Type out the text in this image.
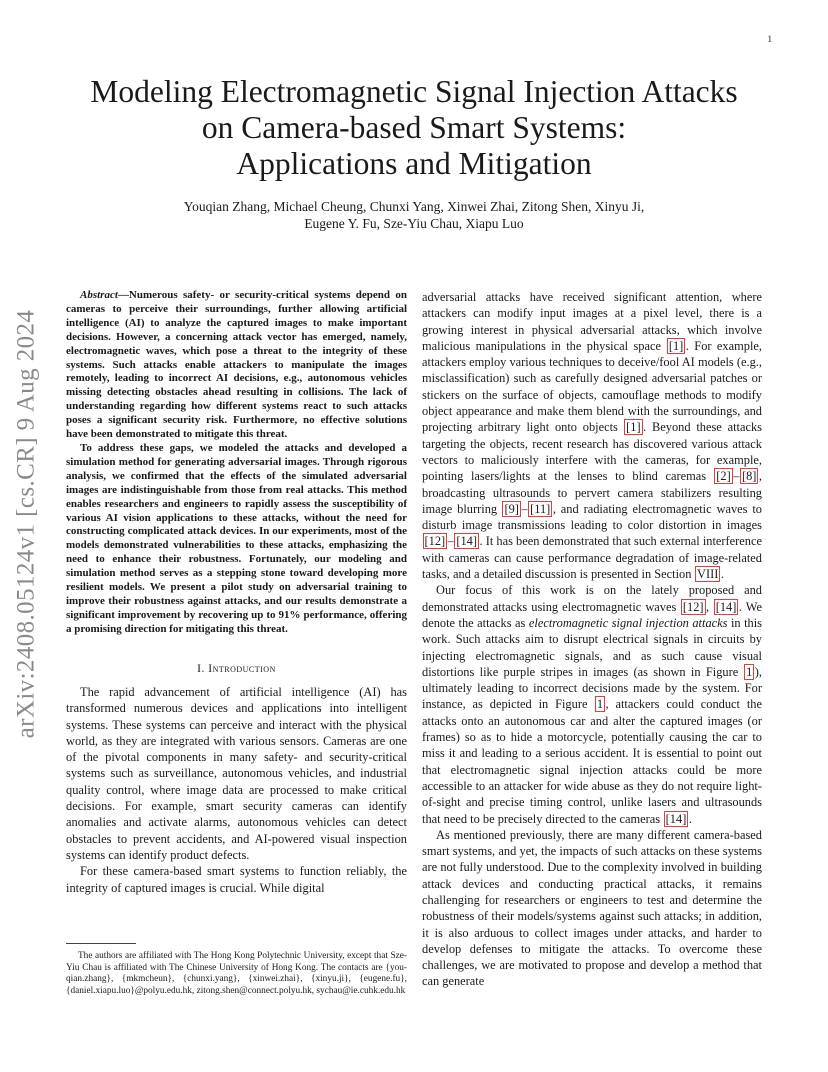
1
arXiv:2408.05124v1 [cs.CR] 9 Aug 2024
Modeling Electromagnetic Signal Injection Attacks
on Camera-based Smart Systems:
Applications and Mitigation
Youqian Zhang, Michael Cheung, Chunxi Yang, Xinwei Zhai, Zitong Shen, Xinyu Ji,
Eugene Y. Fu, Sze-Yiu Chau, Xiapu Luo

Abstract—Numerous safety- or security-critical systems depend on cameras to perceive their surroundings, further allowing artificial intelligence (AI) to analyze the captured images to make important decisions. However, a concerning attack vector has emerged, namely, electromagnetic waves, which pose a threat to the integrity of these systems. Such attacks enable attackers to manipulate the images remotely, leading to incorrect AI decisions, e.g., autonomous vehicles missing detecting obstacles ahead resulting in collisions. The lack of understanding regarding how different systems react to such attacks poses a significant security risk. Furthermore, no effective solutions have been demonstrated to mitigate this threat.

To address these gaps, we modeled the attacks and developed a simulation method for generating adversarial images. Through rigorous analysis, we confirmed that the effects of the simulated adversarial images are indistinguishable from those from real attacks. This method enables researchers and engineers to rapidly assess the susceptibility of various AI vision applications to these attacks, without the need for constructing complicated attack devices. In our experiments, most of the models demonstrated vulnerabilities to these attacks, emphasizing the need to enhance their robustness. Fortunately, our modeling and simulation method serves as a stepping stone toward developing more resilient models. We present a pilot study on adversarial training to improve their robustness against attacks, and our results demonstrate a significant improvement by recovering up to 91% performance, offering a promising direction for mitigating this threat.

I. Introduction

The rapid advancement of artificial intelligence (AI) has transformed numerous devices and applications into intelligent systems. These systems can perceive and interact with the physical world, as they are integrated with various sensors. Cameras are one of the pivotal components in many safety- and security-critical systems such as surveillance, autonomous vehicles, and industrial quality control, where image data are processed to make critical decisions. For example, smart security cameras can identify anomalies and activate alarms, autonomous vehicles can detect obstacles to prevent accidents, and AI-powered visual inspection systems can identify product defects.

For these camera-based smart systems to function reliably, the integrity of captured images is crucial. While digital

The authors are affiliated with The Hong Kong Polytechnic University, except that Sze-Yiu Chau is affiliated with The Chinese University of Hong Kong. The contacts are {you-qian.zhang}, {mkmcheun}, {chunxi.yang}, {xinwei.zhai}, {xinyu.ji}, {eugene.fu}, {daniel.xiapu.luo}@polyu.edu.hk, zitong.shen@connect.polyu.hk, sychau@ie.cuhk.edu.hk

adversarial attacks have received significant attention, where attackers can modify input images at a pixel level, there is a growing interest in physical adversarial attacks, which involve malicious manipulations in the physical space [1] . For example, attackers employ various techniques to deceive/fool AI models (e.g., misclassification) such as carefully designed adversarial patches or stickers on the surface of objects, camouflage methods to modify object appearance and make them blend with the surroundings, and projecting arbitrary light onto objects [1] . Beyond these attacks targeting the objects, recent research has discovered various attack vectors to maliciously interfere with the cameras, for example, pointing lasers/lights at the lenses to blind caremas [2] – [8] , broadcasting ultrasounds to pervert camera stabilizers resulting image blurring [9] – [11] , and radiating electromagnetic waves to disturb image transmissions leading to color distortion in images [12] – [14] . It has been demonstrated that such external interference with cameras can cause performance degradation of image-related tasks, and a detailed discussion is presented in Section VIII .

Our focus of this work is on the lately proposed and demonstrated attacks using electromagnetic waves [12] , [14] . We denote the attacks as electromagnetic signal injection attacks in this work. Such attacks aim to disrupt electrical signals in circuits by injecting electromagnetic signals, and as such cause visual distortions like purple stripes in images (as shown in Figure 1 ), ultimately leading to incorrect decisions made by the system. For instance, as depicted in Figure 1 , attackers could conduct the attacks onto an autonomous car and alter the captured images (or frames) so as to hide a motorcycle, potentially causing the car to miss it and leading to a serious accident. It is essential to point out that electromagnetic signal injection attacks could be more accessible to an attacker for wide abuse as they do not require light-of-sight and precise timing control, unlike lasers and ultrasounds that need to be precisely directed to the cameras [14] .

As mentioned previously, there are many different camera-based smart systems, and yet, the impacts of such attacks on these systems are not fully understood. Due to the complexity involved in building attack devices and conducting practical attacks, it remains challenging for researchers or engineers to test and determine the robustness of their models/systems against such attacks; in addition, it is also arduous to collect images under attacks, and harder to develop defenses to mitigate the attacks. To overcome these challenges, we are motivated to propose and develop a method that can generate
